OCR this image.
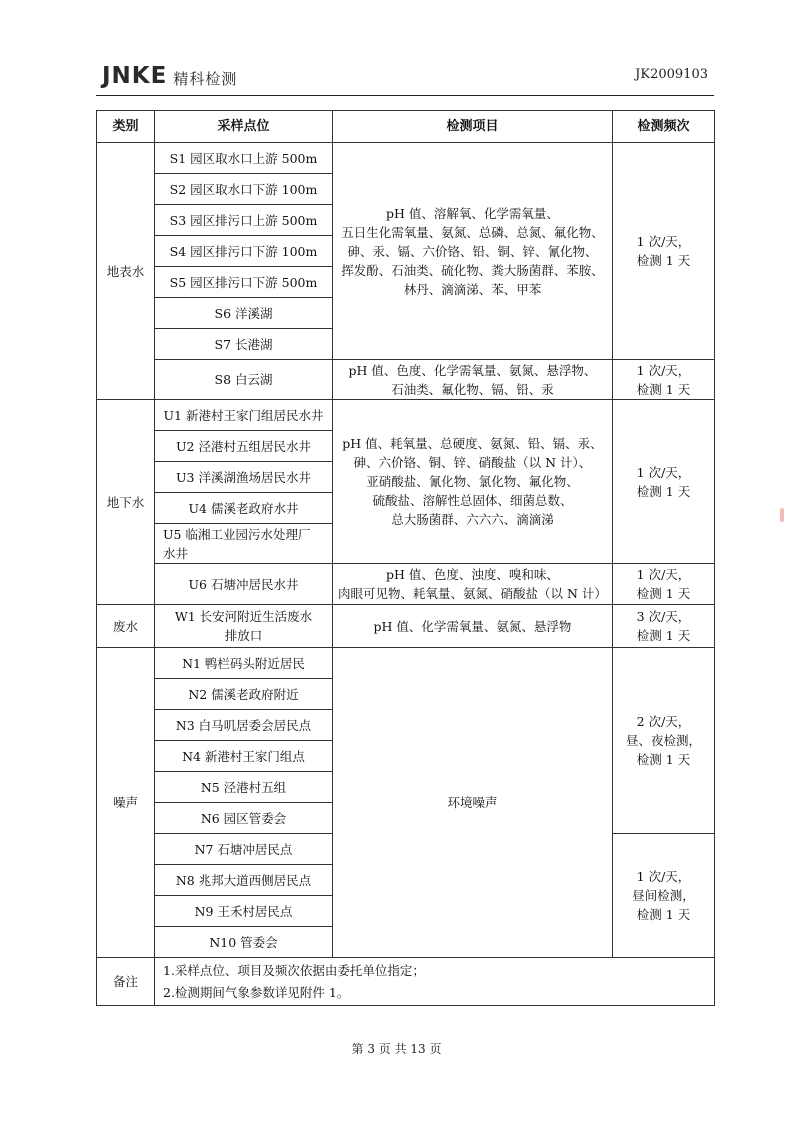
JNKE 精科检测	JK2009103
类别	采样点位	检测项目	检测频次
地表水	S1 园区取水口上游 500m	pH 值、溶解氧、化学需氧量、
五日生化需氧量、氨氮、总磷、总氮、氟化物、
砷、汞、镉、六价铬、铅、铜、锌、氰化物、
挥发酚、石油类、硫化物、粪大肠菌群、苯胺、
林丹、滴滴涕、苯、甲苯	1 次/天，
检测 1 天
	S2 园区取水口下游 100m		
	S3 园区排污口上游 500m		
	S4 园区排污口下游 100m		
	S5 园区排污口下游 500m		
	S6 洋溪湖		
	S7 长港湖		
	S8 白云湖	pH 值、色度、化学需氧量、氨氮、悬浮物、
石油类、氟化物、镉、铅、汞	1 次/天，
检测 1 天
地下水	U1 新港村王家门组居民水井	pH 值、耗氧量、总硬度、氨氮、铅、镉、汞、
砷、六价铬、铜、锌、硝酸盐（以 N 计）、
亚硝酸盐、氰化物、氯化物、氟化物、
硫酸盐、溶解性总固体、细菌总数、
总大肠菌群、六六六、滴滴涕	1 次/天，
检测 1 天
	U2 泾港村五组居民水井		
	U3 洋溪湖渔场居民水井		
	U4 儒溪老政府水井		
	U5 临湘工业园污水处理厂
水井		
	U6 石塘冲居民水井	pH 值、色度、浊度、嗅和味、
肉眼可见物、耗氧量、氨氮、硝酸盐（以 N 计）	1 次/天，
检测 1 天
废水	W1 长安河附近生活废水
排放口	pH 值、化学需氧量、氨氮、悬浮物	3 次/天，
检测 1 天
噪声	N1 鸭栏码头附近居民	环境噪声	2 次/天，
昼、夜检测，
检测 1 天
	N2 儒溪老政府附近		
	N3 白马叽居委会居民点		
	N4 新港村王家门组点		
	N5 泾港村五组		
	N6 园区管委会		
	N7 石塘冲居民点		1 次/天，
昼间检测，
检测 1 天
	N8 兆邦大道西侧居民点		
	N9 王禾村居民点		
	N10 管委会		
备注	1.采样点位、项目及频次依据由委托单位指定；
2.检测期间气象参数详见附件 1。		
第 3 页 共 13 页
